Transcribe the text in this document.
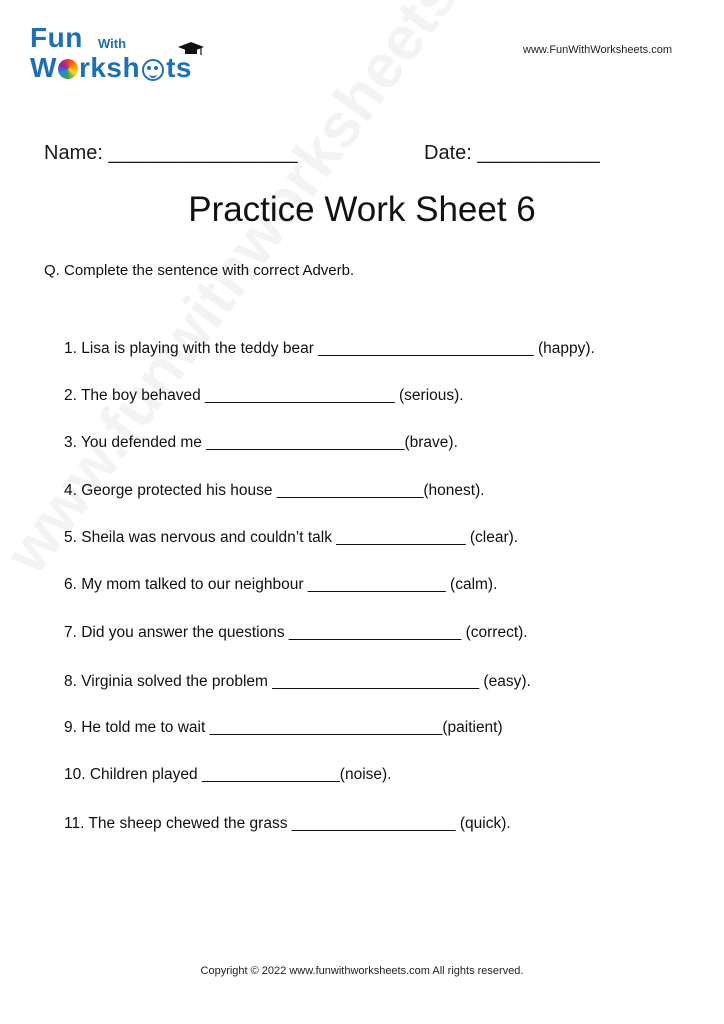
Fun With
W rksh ts
www.FunWithWorksheets.com
Name: _________________	Date: ___________
Practice Work Sheet 6
Q. Complete the sentence with correct Adverb.
1. Lisa is playing with the teddy bear _________________________ (happy).
2. The boy behaved ______________________ (serious).
3. You defended me _______________________(brave).
4. George protected his house _________________(honest).
5. Sheila was nervous and couldn’t talk _______________ (clear).
6. My mom talked to our neighbour ________________ (calm).
7. Did you answer the questions ____________________ (correct).
8. Virginia solved the problem ________________________ (easy).
9. He told me to wait ___________________________(paitient)
10. Children played ________________(noise).
11. The sheep chewed the grass ___________________ (quick).
Copyright © 2022 www.funwithworksheets.com All rights reserved.
